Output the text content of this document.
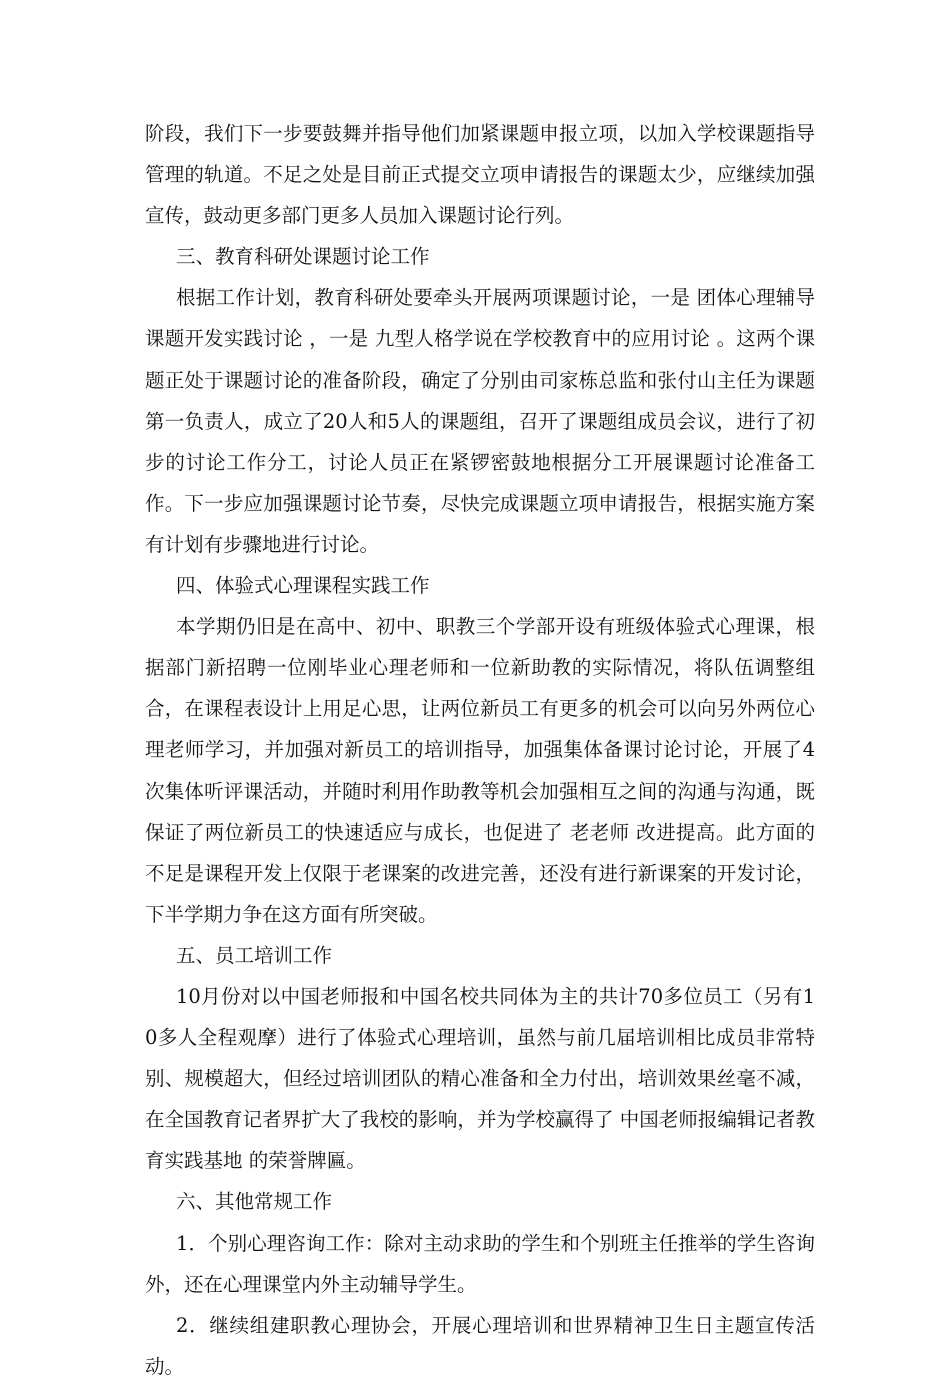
阶段，我们下一步要鼓舞并指导他们加紧课题申报立项，以加入学校课题指导管理的轨道。不足之处是目前正式提交立项申请报告的课题太少，应继续加强宣传，鼓动更多部门更多人员加入课题讨论行列。

三、教育科研处课题讨论工作

根据工作计划，教育科研处要牵头开展两项课题讨论，一是 团体心理辅导课题开发实践讨论 ，一是 九型人格学说在学校教育中的应用讨论 。这两个课题正处于课题讨论的准备阶段，确定了分别由司家栋总监和张付山主任为课题第一负责人，成立了20人和5人的课题组，召开了课题组成员会议，进行了初步的讨论工作分工，讨论人员正在紧锣密鼓地根据分工开展课题讨论准备工作。下一步应加强课题讨论节奏，尽快完成课题立项申请报告，根据实施方案有计划有步骤地进行讨论。

四、体验式心理课程实践工作

本学期仍旧是在高中、初中、职教三个学部开设有班级体验式心理课，根据部门新招聘一位刚毕业心理老师和一位新助教的实际情况，将队伍调整组合，在课程表设计上用足心思，让两位新员工有更多的机会可以向另外两位心理老师学习，并加强对新员工的培训指导，加强集体备课讨论讨论，开展了4次集体听评课活动，并随时利用作助教等机会加强相互之间的沟通与沟通，既保证了两位新员工的快速适应与成长，也促进了 老老师 改进提高。此方面的不足是课程开发上仅限于老课案的改进完善，还没有进行新课案的开发讨论，下半学期力争在这方面有所突破。

五、员工培训工作

10月份对以中国老师报和中国名校共同体为主的共计70多位员工（另有10多人全程观摩）进行了体验式心理培训，虽然与前几届培训相比成员非常特别、规模超大，但经过培训团队的精心准备和全力付出，培训效果丝毫不减，在全国教育记者界扩大了我校的影响，并为学校赢得了 中国老师报编辑记者教育实践基地 的荣誉牌匾。

六、其他常规工作

1．个别心理咨询工作：除对主动求助的学生和个别班主任推举的学生咨询外，还在心理课堂内外主动辅导学生。

2．继续组建职教心理协会，开展心理培训和世界精神卫生日主题宣传活动。
